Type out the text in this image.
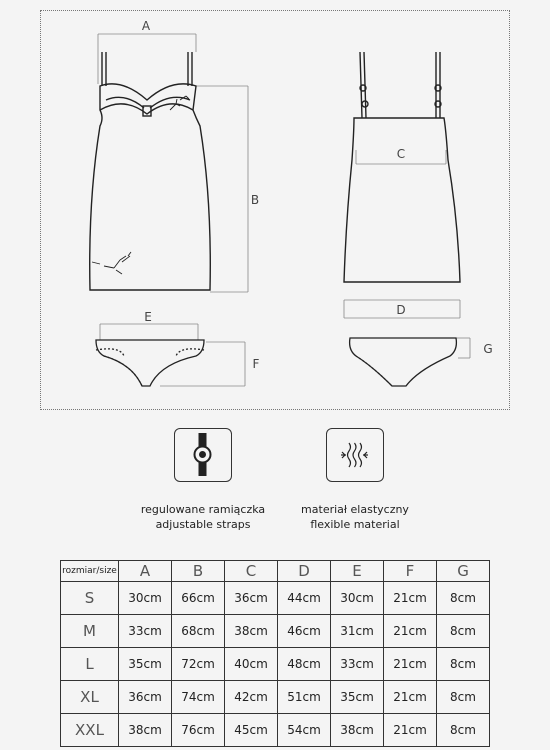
A
B
C
D
E
F
G
regulowane ramiączka
adjustable straps
materiał elastyczny
flexible material
rozmiar/size	A	B	C	D	E	F	G
S	30cm	66cm	36cm	44cm	30cm	21cm	8cm
M	33cm	68cm	38cm	46cm	31cm	21cm	8cm
L	35cm	72cm	40cm	48cm	33cm	21cm	8cm
XL	36cm	74cm	42cm	51cm	35cm	21cm	8cm
XXL	38cm	76cm	45cm	54cm	38cm	21cm	8cm
